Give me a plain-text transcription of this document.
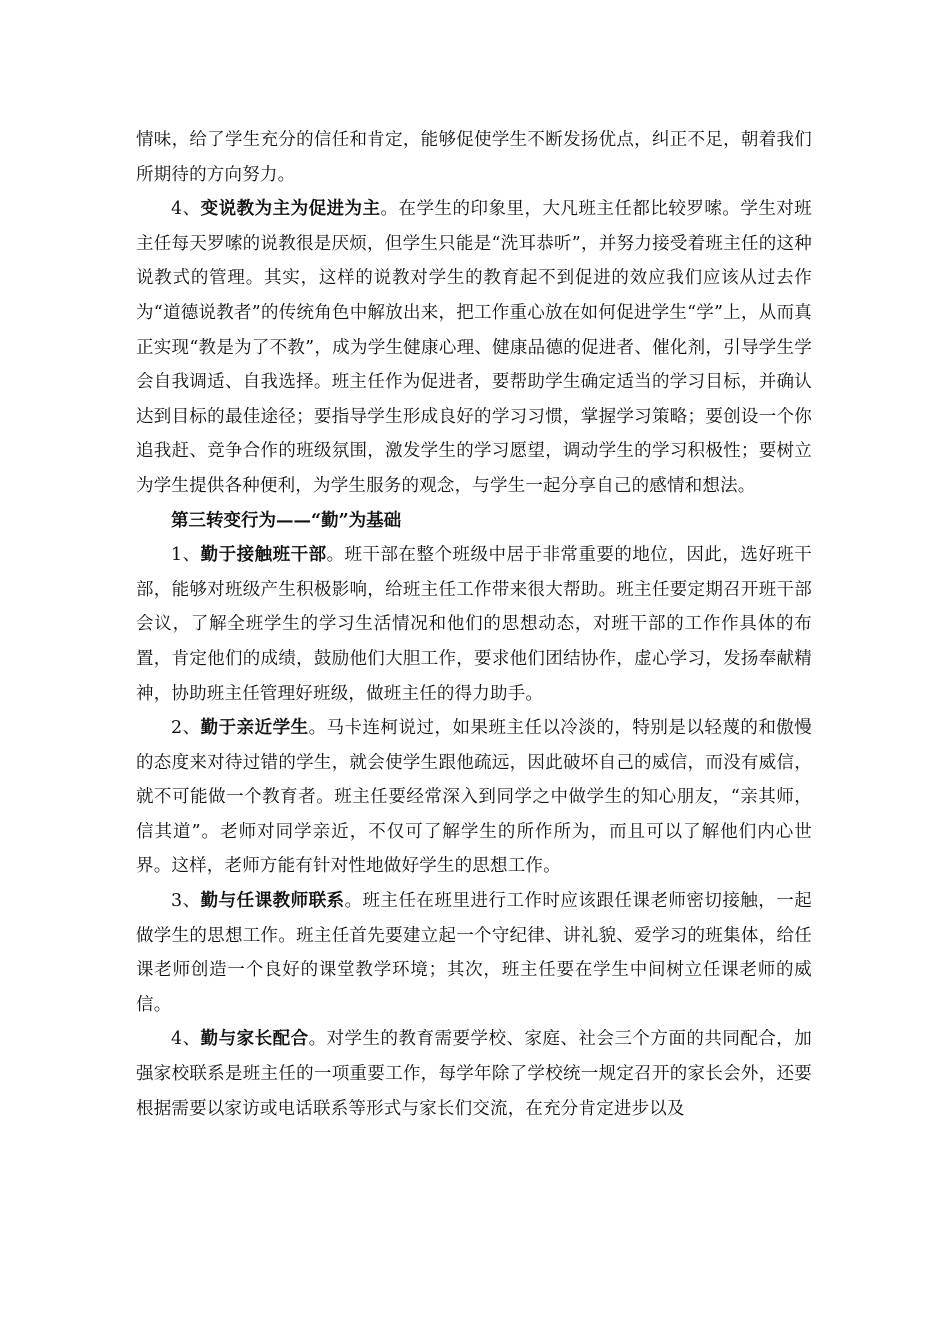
情味，给了学生充分的信任和肯定，能够促使学生不断发扬优点，纠正不足，朝着我们所期待的方向努力。

4、变说教为主为促进为主。在学生的印象里，大凡班主任都比较罗嗦。学生对班主任每天罗嗦的说教很是厌烦，但学生只能是“洗耳恭听”，并努力接受着班主任的这种说教式的管理。其实，这样的说教对学生的教育起不到促进的效应我们应该从过去作为“道德说教者”的传统角色中解放出来，把工作重心放在如何促进学生“学”上，从而真正实现“教是为了不教”，成为学生健康心理、健康品德的促进者、催化剂，引导学生学会自我调适、自我选择。班主任作为促进者，要帮助学生确定适当的学习目标，并确认达到目标的最佳途径；要指导学生形成良好的学习习惯，掌握学习策略；要创设一个你追我赶、竞争合作的班级氛围，激发学生的学习愿望，调动学生的学习积极性；要树立为学生提供各种便利，为学生服务的观念，与学生一起分享自己的感情和想法。

第三转变行为——“勤”为基础

1、勤于接触班干部。班干部在整个班级中居于非常重要的地位，因此，选好班干部，能够对班级产生积极影响，给班主任工作带来很大帮助。班主任要定期召开班干部会议，了解全班学生的学习生活情况和他们的思想动态，对班干部的工作作具体的布置，肯定他们的成绩，鼓励他们大胆工作，要求他们团结协作，虚心学习，发扬奉献精神，协助班主任管理好班级，做班主任的得力助手。

2、勤于亲近学生。马卡连柯说过，如果班主任以冷淡的，特别是以轻蔑的和傲慢的态度来对待过错的学生，就会使学生跟他疏远，因此破坏自己的威信，而没有威信，就不可能做一个教育者。班主任要经常深入到同学之中做学生的知心朋友，“亲其师，信其道”。老师对同学亲近，不仅可了解学生的所作所为，而且可以了解他们内心世界。这样，老师方能有针对性地做好学生的思想工作。

3、勤与任课教师联系。班主任在班里进行工作时应该跟任课老师密切接触，一起做学生的思想工作。班主任首先要建立起一个守纪律、讲礼貌、爱学习的班集体，给任课老师创造一个良好的课堂教学环境；其次，班主任要在学生中间树立任课老师的威信。

4、勤与家长配合。对学生的教育需要学校、家庭、社会三个方面的共同配合，加强家校联系是班主任的一项重要工作，每学年除了学校统一规定召开的家长会外，还要根据需要以家访或电话联系等形式与家长们交流，在充分肯定进步以及
